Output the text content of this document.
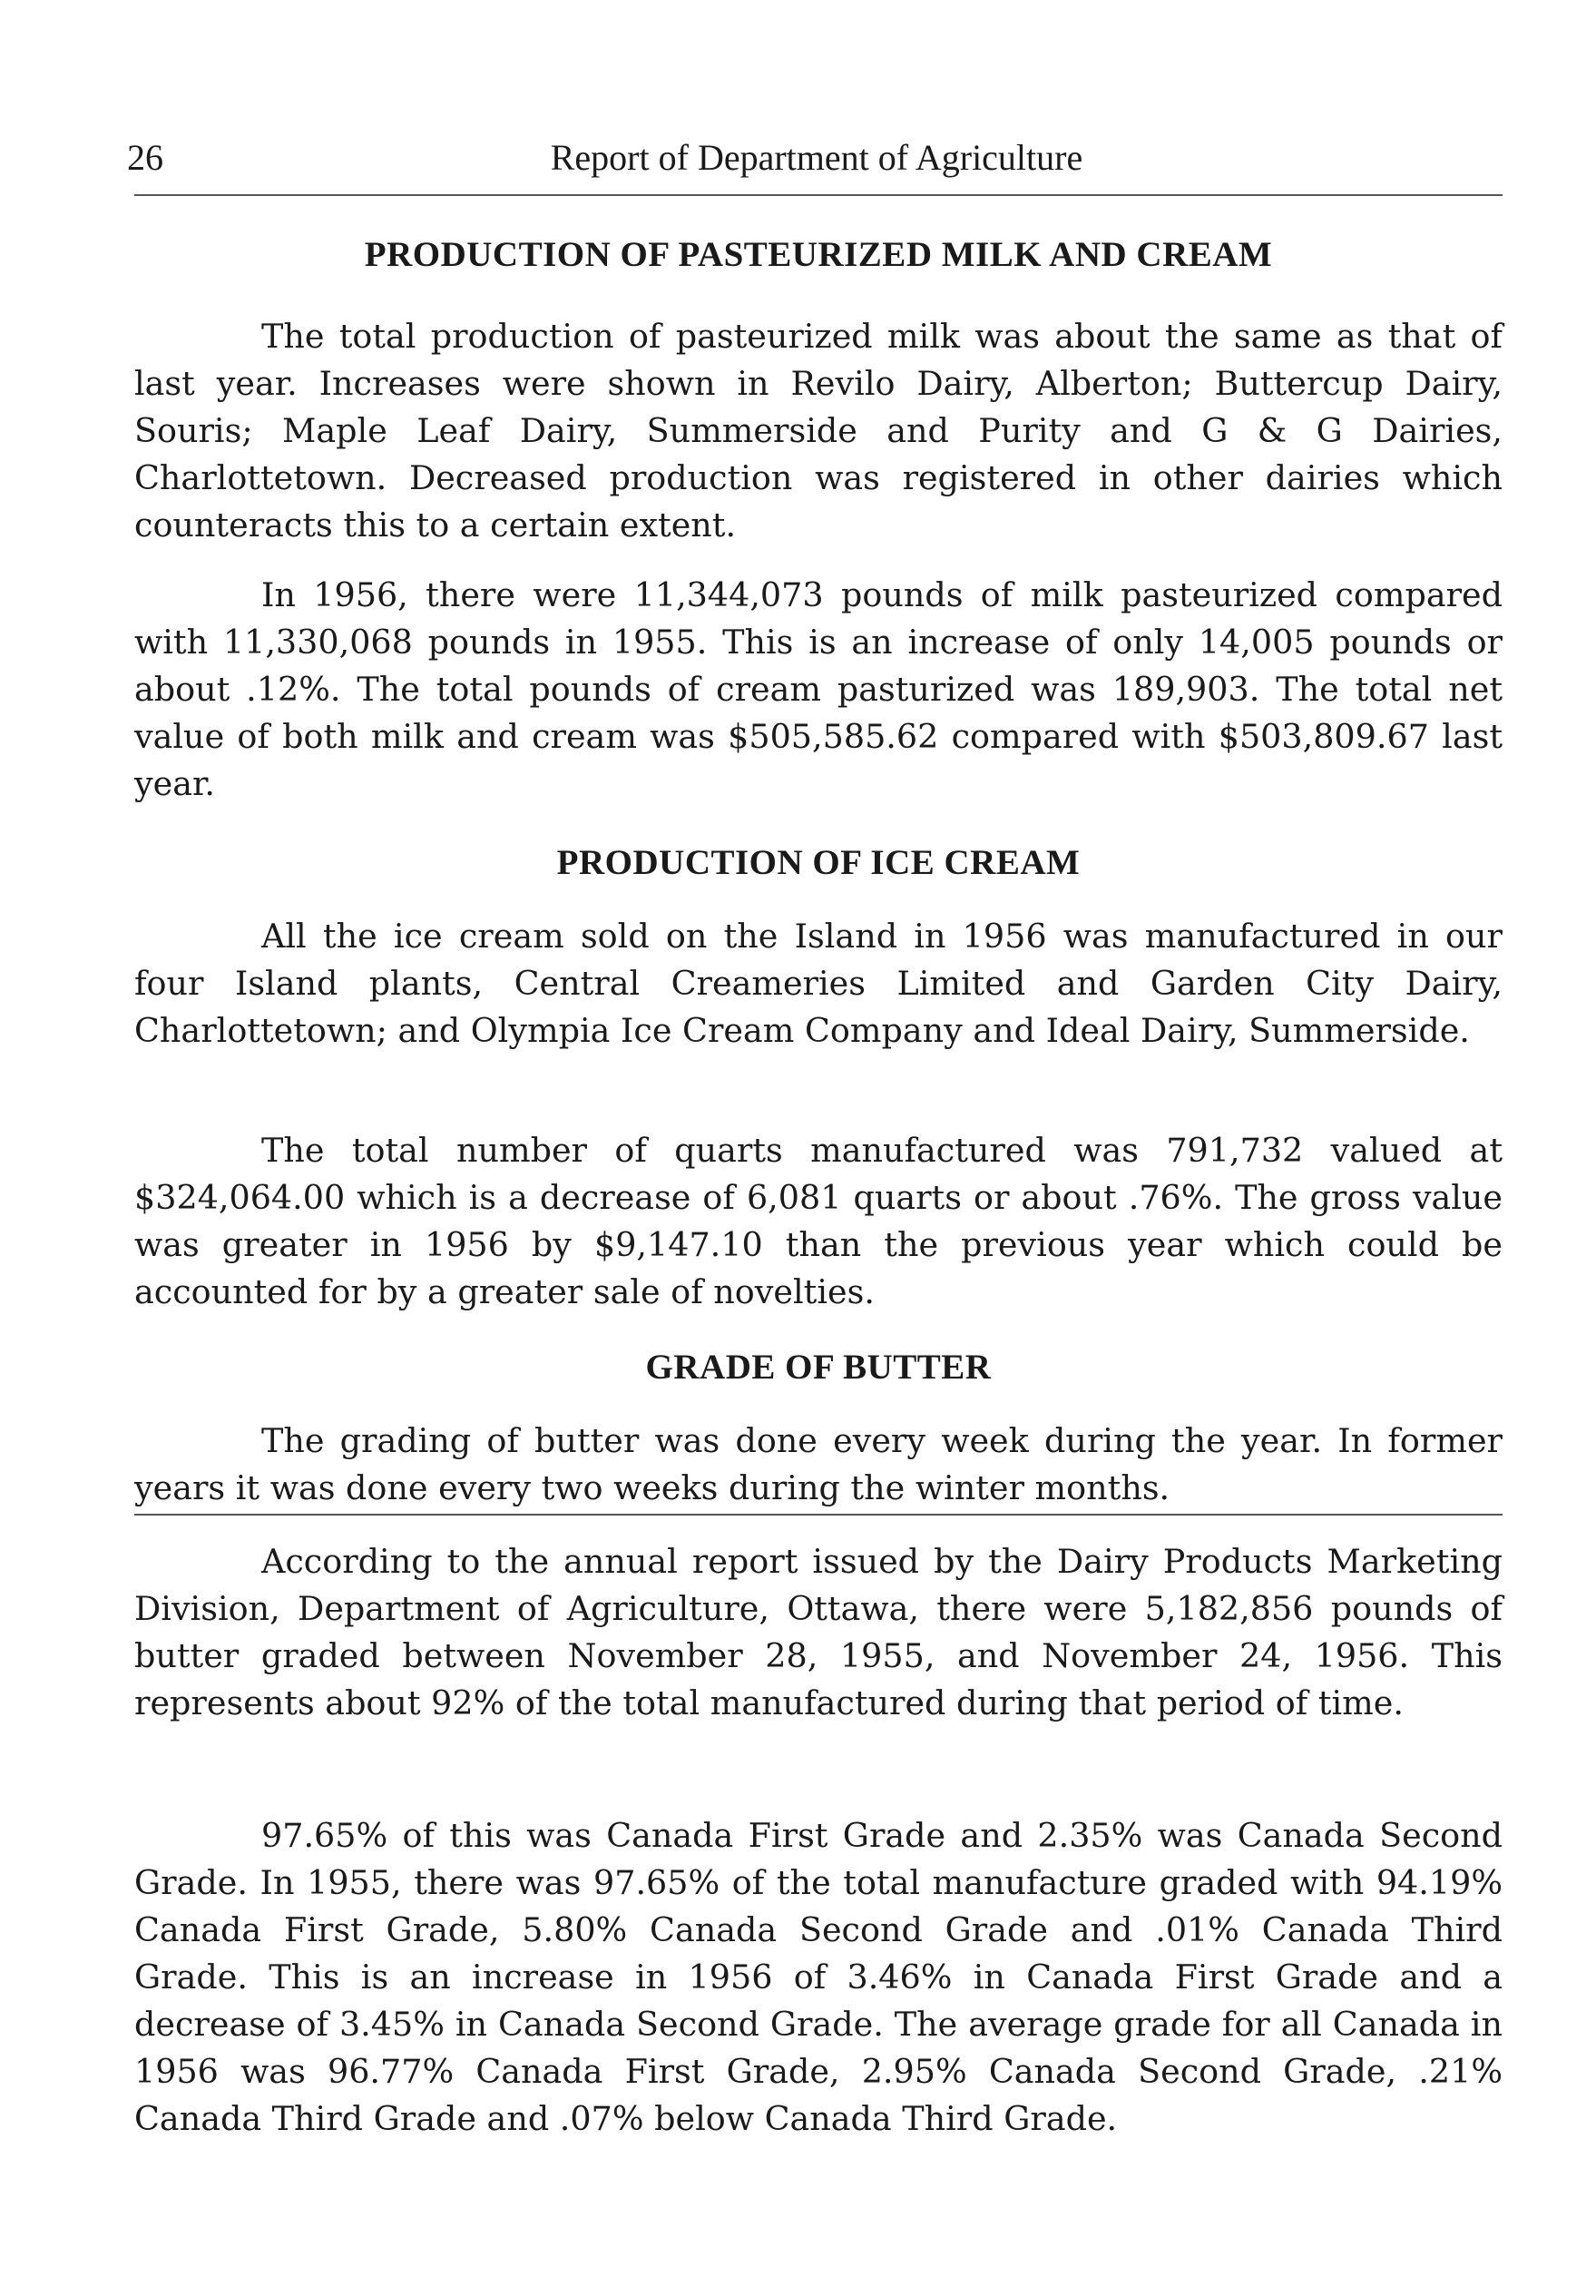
26	Report of Department of Agriculture
PRODUCTION OF PASTEURIZED MILK AND CREAM

The total production of pasteurized milk was about the same as that of last year. Increases were shown in Revilo Dairy, Alberton; Buttercup Dairy, Souris; Maple Leaf Dairy, Summerside and Purity and G & G Dairies, Charlottetown. Decreased production was registered in other dairies which counteracts this to a certain extent.

In 1956, there were 11,344,073 pounds of milk pasteurized compared with 11,330,068 pounds in 1955. This is an increase of only 14,005 pounds or about .12%. The total pounds of cream pasturized was 189,903. The total net value of both milk and cream was $505,585.62 compared with $503,809.67 last year.

PRODUCTION OF ICE CREAM

All the ice cream sold on the Island in 1956 was manufactured in our four Island plants, Central Creameries Limited and Garden City Dairy, Charlottetown; and Olympia Ice Cream Company and Ideal Dairy, Summerside.

The total number of quarts manufactured was 791,732 valued at $324,064.00 which is a decrease of 6,081 quarts or about .76%. The gross value was greater in 1956 by $9,147.10 than the previous year which could be accounted for by a greater sale of novelties.

GRADE OF BUTTER

The grading of butter was done every week during the year. In former years it was done every two weeks during the winter months.

According to the annual report issued by the Dairy Products Marketing Division, Department of Agriculture, Ottawa, there were 5,182,856 pounds of butter graded between November 28, 1955, and November 24, 1956. This represents about 92% of the total manufactured during that period of time.

97.65% of this was Canada First Grade and 2.35% was Canada Second Grade. In 1955, there was 97.65% of the total manufacture graded with 94.19% Canada First Grade, 5.80% Canada Second Grade and .01% Canada Third Grade. This is an increase in 1956 of 3.46% in Canada First Grade and a decrease of 3.45% in Canada Second Grade. The average grade for all Canada in 1956 was 96.77% Canada First Grade, 2.95% Canada Second Grade, .21% Canada Third Grade and .07% below Canada Third Grade.
